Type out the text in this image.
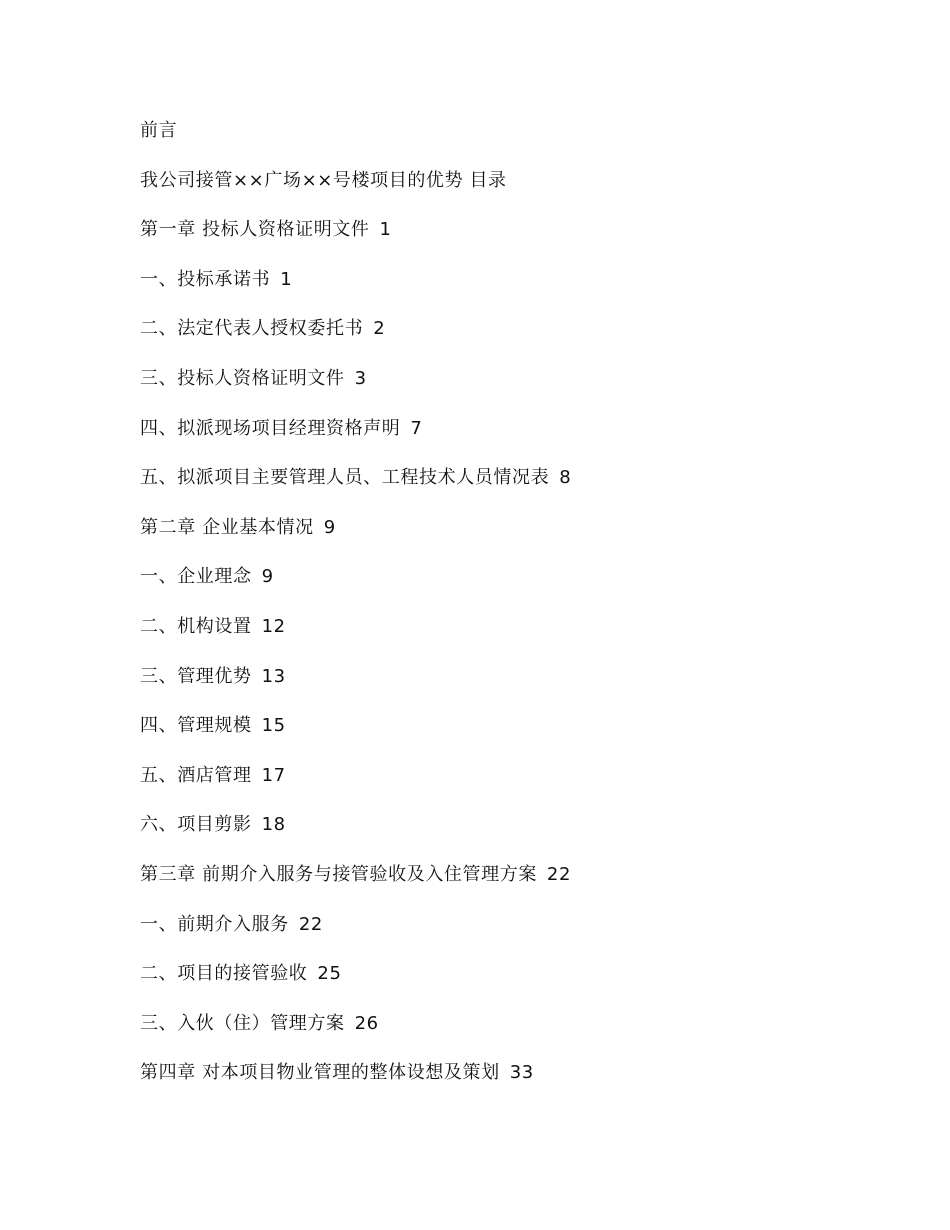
前言
我公司接管××广场××号楼项目的优势 目录
第一章 投标人资格证明文件 1
一、投标承诺书 1
二、法定代表人授权委托书 2
三、投标人资格证明文件 3
四、拟派现场项目经理资格声明 7
五、拟派项目主要管理人员、工程技术人员情况表 8
第二章 企业基本情况 9
一、企业理念 9
二、机构设置 12
三、管理优势 13
四、管理规模 15
五、酒店管理 17
六、项目剪影 18
第三章 前期介入服务与接管验收及入住管理方案 22
一、前期介入服务 22
二、项目的接管验收 25
三、入伙（住）管理方案 26
第四章 对本项目物业管理的整体设想及策划 33
